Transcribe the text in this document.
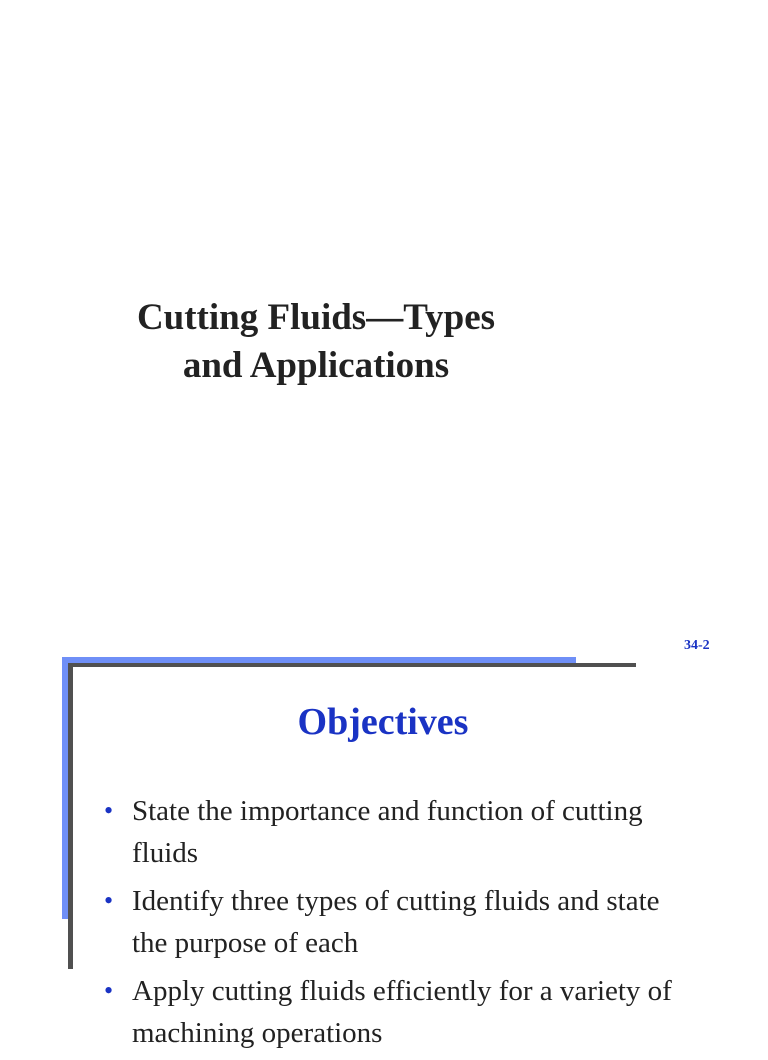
Cutting Fluids—Types
and Applications
34-2
Objectives
• State the importance and function of cutting fluids
• Identify three types of cutting fluids and state the purpose of each
• Apply cutting fluids efficiently for a variety of machining operations
